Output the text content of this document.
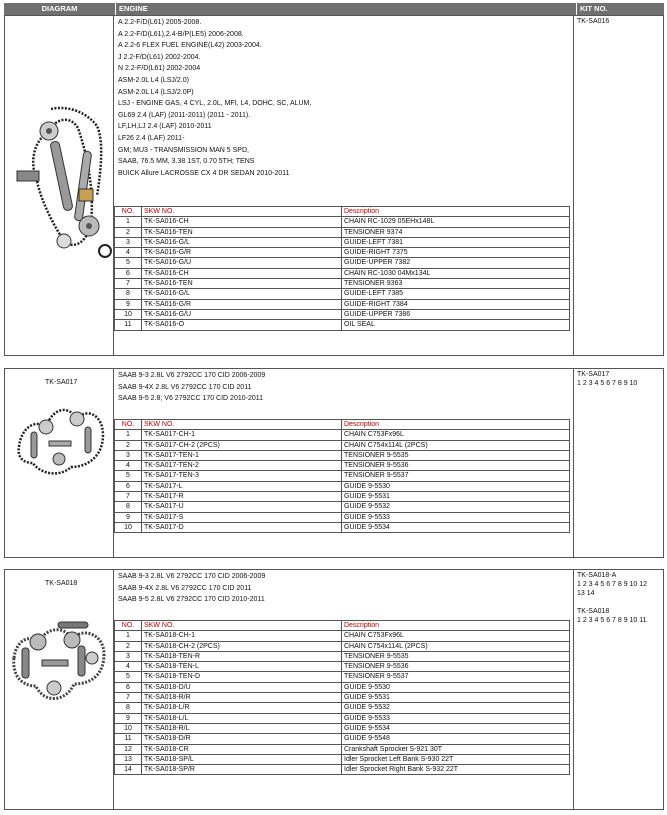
DIAGRAM	ENGINE	KIT NO.
TK-SA016
A 2.2-F/D(L61) 2005-2008.
A 2.2-F/D(L61),2.4-B/P(LE5) 2006-2008.
A 2.2-6 FLEX FUEL ENGINE(L42) 2003-2004.
J 2.2-F/D(L61) 2002-2004.
N 2.2-F/D(L61) 2002-2004
ASM-2.0L L4 (LSJ/2.0)
ASM-2.0L L4 (LSJ/2.0P)
LSJ - ENGINE GAS, 4 CYL, 2.0L, MFI, L4, DOHC, SC, ALUM,
GL69 2.4 (LAF) (2011-2011) (2011 - 2011).
LF,LH,LJ 2.4 (LAF) 2010-2011
LF26 2.4 (LAF) 2011-
GM; MU3 - TRANSMISSION MAN 5 SPD,
SAAB, 76.5 MM, 3.38 1ST, 0.70 5TH; TENS
BUICK Allure LACROSSE CX 4 DR SEDAN 2010-2011
NO.	SKW NO.	Description
1	TK-SA016-CH	CHAIN RC-1029 05EHx148L
2	TK-SA016-TEN	TENSIONER 9374
3	TK-SA016-G/L	GUIDE-LEFT 7381
4	TK-SA016-G/R	GUIDE-RIGHT 7375
5	TK-SA016-G/U	GUIDE-UPPER 7382
6	TK-SA016-CH	CHAIN RC-1030 04Mx134L
7	TK-SA016-TEN	TENSIONER 9363
8	TK-SA016-G/L	GUIDE-LEFT 7385
9	TK-SA016-G/R	GUIDE-RIGHT 7384
10	TK-SA016-G/U	GUIDE-UPPER 7386
11	TK-SA016-O	OIL SEAL
TK-SA017
SAAB 9-3 2.8L V6 2792CC 170 CID 2006-2009
SAAB 9-4X 2.8L V6 2792CC 170 CID 2011
SAAB 9-5 2.8; V6 2792CC 170 CID 2010-2011
TK-SA017
1 2 3 4 5 6 7 8 9 10
NO.	SKW NO.	Description
1	TK-SA017-CH-1	CHAIN C753Fx96L
2	TK-SA017-CH-2 (2PCS)	CHAIN C754x114L (2PCS)
3	TK-SA017-TEN-1	TENSIONER 9-5535
4	TK-SA017-TEN-2	TENSIONER 9-5536
5	TK-SA017-TEN-3	TENSIONER 9-5537
6	TK-SA017-L	GUIDE 9-5530
7	TK-SA017-R	GUIDE 9-5531
8	TK-SA017-U	GUIDE 9-5532
9	TK-SA017-S	GUIDE 9-5533
10	TK-SA017-D	GUIDE 9-5534
TK-SA018
SAAB 9-3 2.8L V6 2792CC 170 CID 2006-2009
SAAB 9-4X 2.8L V6 2792CC 170 CID 2011
SAAB 9-5 2.8L V6 2792CC 170 CID 2010-2011
TK-SA018-A
1 2 3 4 5 6 7 8 9 10 12
13 14
TK-SA018
1 2 3 4 5 6 7 8 9 10 11
NO.	SKW NO.	Description
1	TK-SA018-CH-1	CHAIN C753Fx96L
2	TK-SA018-CH-2 (2PCS)	CHAIN C754x114L (2PCS)
3	TK-SA018-TEN-R	TENSIONER 9-5535
4	TK-SA018-TEN-L	TENSIONER 9-5536
5	TK-SA018-TEN-D	TENSIONER 9-5537
6	TK-SA018-D/U	GUIDE 9-5530
7	TK-SA018-R/R	GUIDE 9-5531
8	TK-SA018-L/R	GUIDE 9-5532
9	TK-SA018-L/L	GUIDE 9-5533
10	TK-SA018-R/L	GUIDE 9-5534
11	TK-SA018-D/R	GUIDE 9-5548
12	TK-SA018-CR	Crankshaft Sprocket S-921 30T
13	TK-SA018-SP/L	Idler Sprocket Left Bank S-930 22T
14	TK-SA018-SP/R	Idler Sprocket Right Bank S-932 22T
